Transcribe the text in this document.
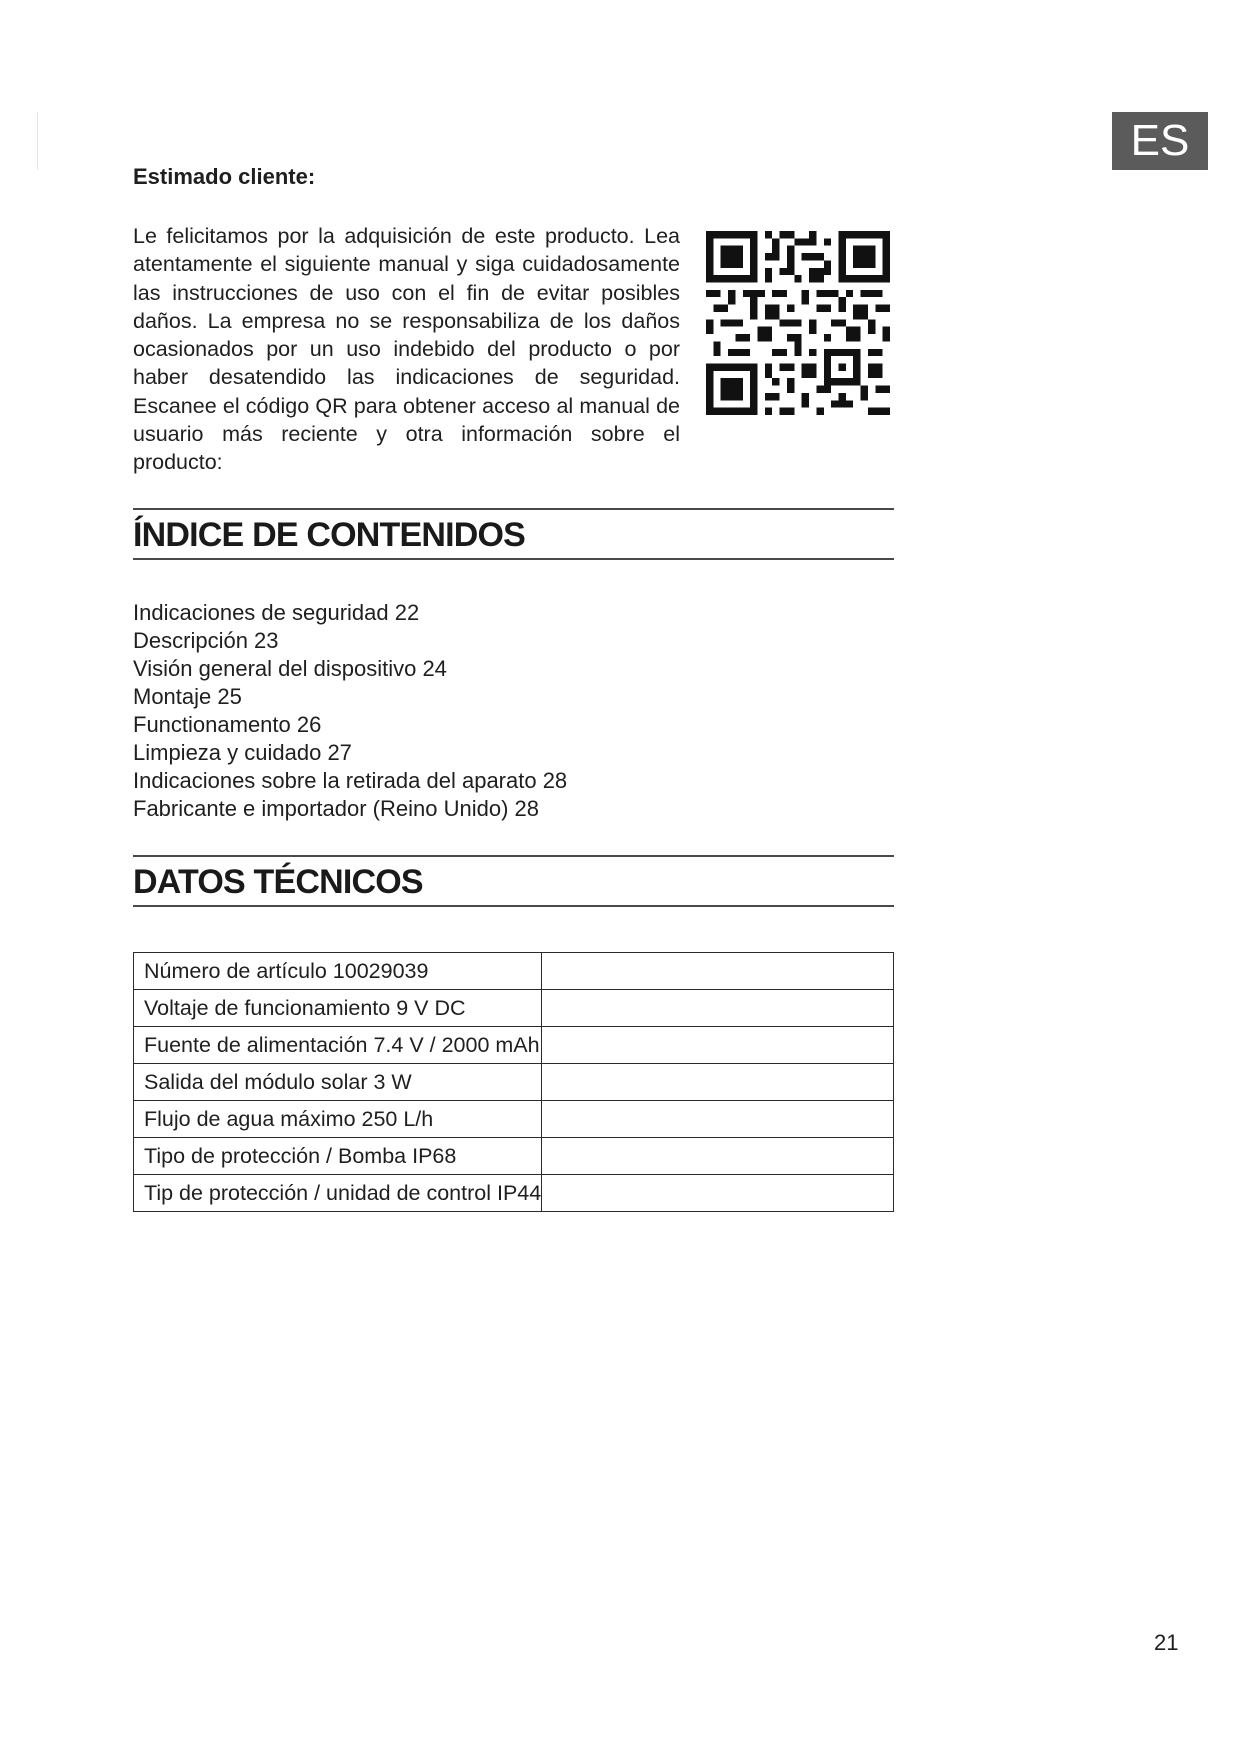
ES
Estimado cliente:

Le felicitamos por la adquisición de este producto. Lea atentamente el siguiente manual y siga cuidadosamente las instrucciones de uso con el fin de evitar posibles daños. La empresa no se responsabiliza de los daños ocasionados por un uso indebido del producto o por haber desatendido las indicaciones de seguridad. Escanee el código QR para obtener acceso al manual de usuario más reciente y otra información sobre el producto:

ÍNDICE DE CONTENIDOS
Indicaciones de seguridad 22
Descripción 23
Visión general del dispositivo 24
Montaje 25
Functionamento 26
Limpieza y cuidado 27
Indicaciones sobre la retirada del aparato 28
Fabricante e importador (Reino Unido) 28
DATOS TÉCNICOS
Número de artículo 10029039	
Voltaje de funcionamiento 9 V DC	
Fuente de alimentación 7.4 V / 2000 mAh	
Salida del módulo solar 3 W	
Flujo de agua máximo 250 L/h	
Tipo de protección / Bomba IP68	
Tip de protección / unidad de control IP44	
21
